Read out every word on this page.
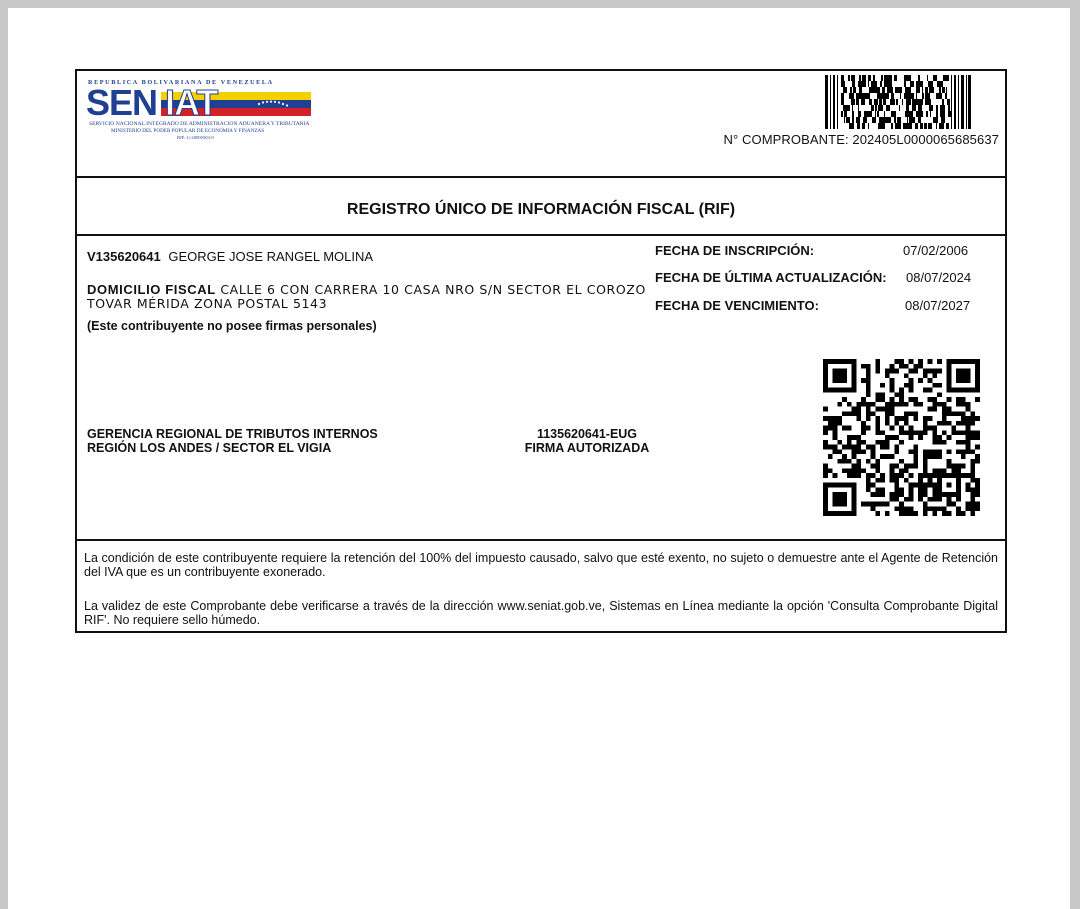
REPUBLICA BOLIVARIANA DE VENEZUELA
SEN IAT
SERVICIO NACIONAL INTEGRADO DE ADMINISTRACION ADUANERA Y TRIBUTARIA
MINISTERIO DEL PODER POPULAR DE ECONOMIA Y FINANZAS
RIF: G-20000303-0	N° COMPROBANTE: 202405L0000065685637
REGISTRO ÚNICO DE INFORMACIÓN FISCAL (RIF)
V135620641 GEORGE JOSE RANGEL MOLINA
DOMICILIO FISCAL CALLE 6 CON CARRERA 10 CASA NRO S/N SECTOR EL COROZO TOVAR MÉRIDA ZONA POSTAL 5143
(Este contribuyente no posee firmas personales)
FECHA DE INSCRIPCIÓN:	07/02/2006
FECHA DE ÚLTIMA ACTUALIZACIÓN: 08/07/2024
FECHA DE VENCIMIENTO:	08/07/2027
GERENCIA REGIONAL DE TRIBUTOS INTERNOS
REGIÓN LOS ANDES / SECTOR EL VIGIA
1135620641-EUG
FIRMA AUTORIZADA
La condición de este contribuyente requiere la retención del 100% del impuesto causado, salvo que esté exento, no sujeto o demuestre ante el Agente de Retención del IVA que es un contribuyente exonerado.
La validez de este Comprobante debe verificarse a través de la dirección www.seniat.gob.ve, Sistemas en Línea mediante la opción 'Consulta Comprobante Digital RIF'. No requiere sello húmedo.
